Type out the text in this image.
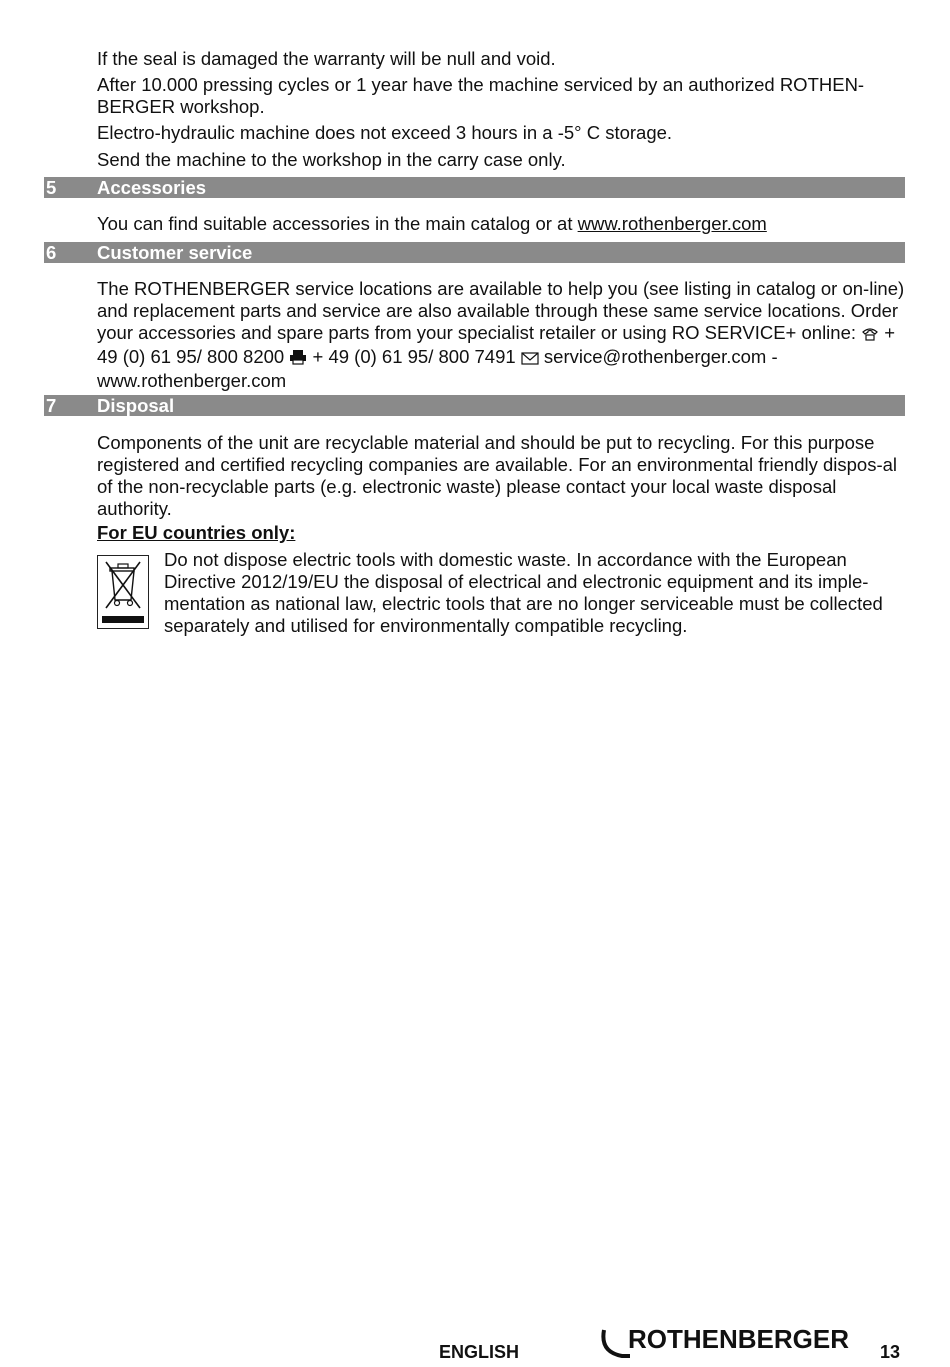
If the seal is damaged the warranty will be null and void.

After 10.000 pressing cycles or 1 year have the machine serviced by an authorized ROTHEN-BERGER workshop.

Electro-hydraulic machine does not exceed 3 hours in a -5° C storage.

Send the machine to the workshop in the carry case only.

5 Accessories
You can find suitable accessories in the main catalog or at www.rothenberger.com
6 Customer service
The ROTHENBERGER service locations are available to help you (see listing in catalog or on-line) and replacement parts and service are also available through these same service locations. Order your accessories and spare parts from your specialist retailer or using RO SERVICE+ online:  + 49 (0) 61 95/ 800 8200  + 49 (0) 61 95/ 800 7491  service@rothenberger.com - www.rothenberger.com
7 Disposal
Components of the unit are recyclable material and should be put to recycling. For this purpose registered and certified recycling companies are available. For an environmental friendly dispos-al of the non-recyclable parts (e.g. electronic waste) please contact your local waste disposal authority.
For EU countries only:
Do not dispose electric tools with domestic waste. In accordance with the European Directive 2012/19/EU the disposal of electrical and electronic equipment and its imple-mentation as national law, electric tools that are no longer serviceable must be collected separately and utilised for environmentally compatible recycling.
ENGLISH	ROTHENBERGER 13
